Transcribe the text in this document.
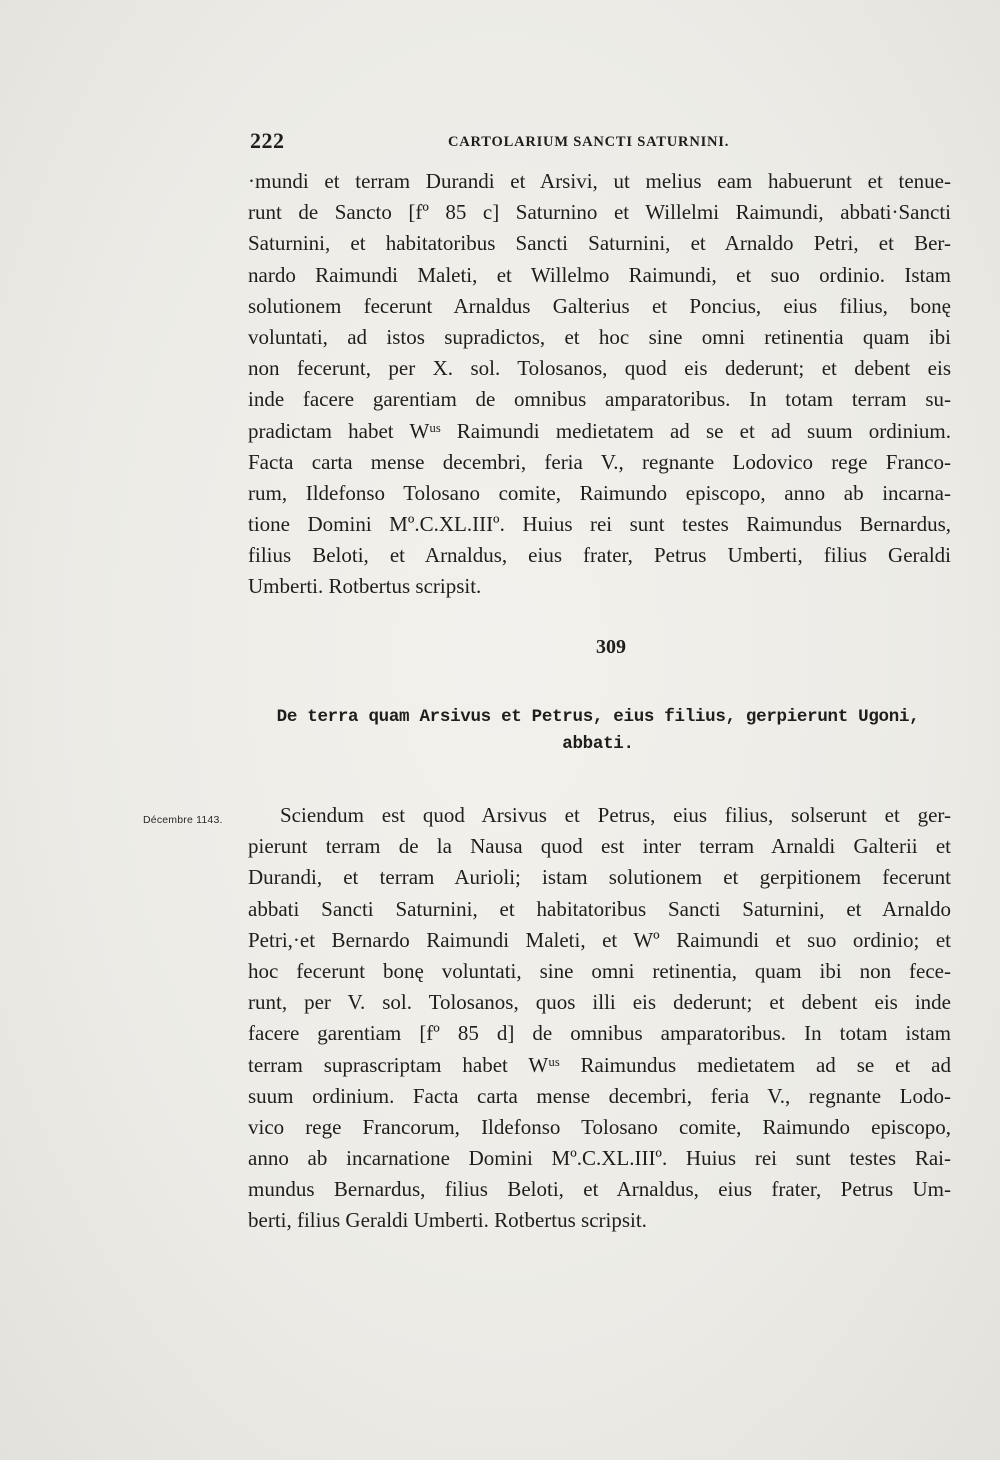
222	CARTOLARIUM SANCTI SATURNINI.
·mundi et terram Durandi et Arsivi, ut melius eam habuerunt et tenue-
runt de Sancto [fº 85 c] Saturnino et Willelmi Raimundi, abbati·Sancti
Saturnini, et habitatoribus Sancti Saturnini, et Arnaldo Petri, et Ber-
nardo Raimundi Maleti, et Willelmo Raimundi, et suo ordinio. Istam
solutionem fecerunt Arnaldus Galterius et Poncius, eius filius, bonę
voluntati, ad istos supradictos, et hoc sine omni retinentia quam ibi
non fecerunt, per X. sol. Tolosanos, quod eis dederunt; et debent eis
inde facere garentiam de omnibus amparatoribus. In totam terram su-
pradictam habet Wᵘˢ Raimundi medietatem ad se et ad suum ordinium.
Facta carta mense decembri, feria V., regnante Lodovico rege Franco-
rum, Ildefonso Tolosano comite, Raimundo episcopo, anno ab incarna-
tione Domini Mº.C.XL.IIIº. Huius rei sunt testes Raimundus Bernardus,
filius Beloti, et Arnaldus, eius frater, Petrus Umberti, filius Geraldi
Umberti. Rotbertus scripsit.
309
De terra quam Arsivus et Petrus, eius filius, gerpierunt Ugoni,
abbati.
Décembre 1143.	Sciendum est quod Arsivus et Petrus, eius filius, solserunt et ger-
pierunt terram de la Nausa quod est inter terram Arnaldi Galterii et
Durandi, et terram Aurioli; istam solutionem et gerpitionem fecerunt
abbati Sancti Saturnini, et habitatoribus Sancti Saturnini, et Arnaldo
Petri,·et Bernardo Raimundi Maleti, et Wº Raimundi et suo ordinio; et
hoc fecerunt bonę voluntati, sine omni retinentia, quam ibi non fece-
runt, per V. sol. Tolosanos, quos illi eis dederunt; et debent eis inde
facere garentiam [fº 85 d] de omnibus amparatoribus. In totam istam
terram suprascriptam habet Wᵘˢ Raimundus medietatem ad se et ad
suum ordinium. Facta carta mense decembri, feria V., regnante Lodo-
vico rege Francorum, Ildefonso Tolosano comite, Raimundo episcopo,
anno ab incarnatione Domini Mº.C.XL.IIIº. Huius rei sunt testes Rai-
mundus Bernardus, filius Beloti, et Arnaldus, eius frater, Petrus Um-
berti, filius Geraldi Umberti. Rotbertus scripsit.
